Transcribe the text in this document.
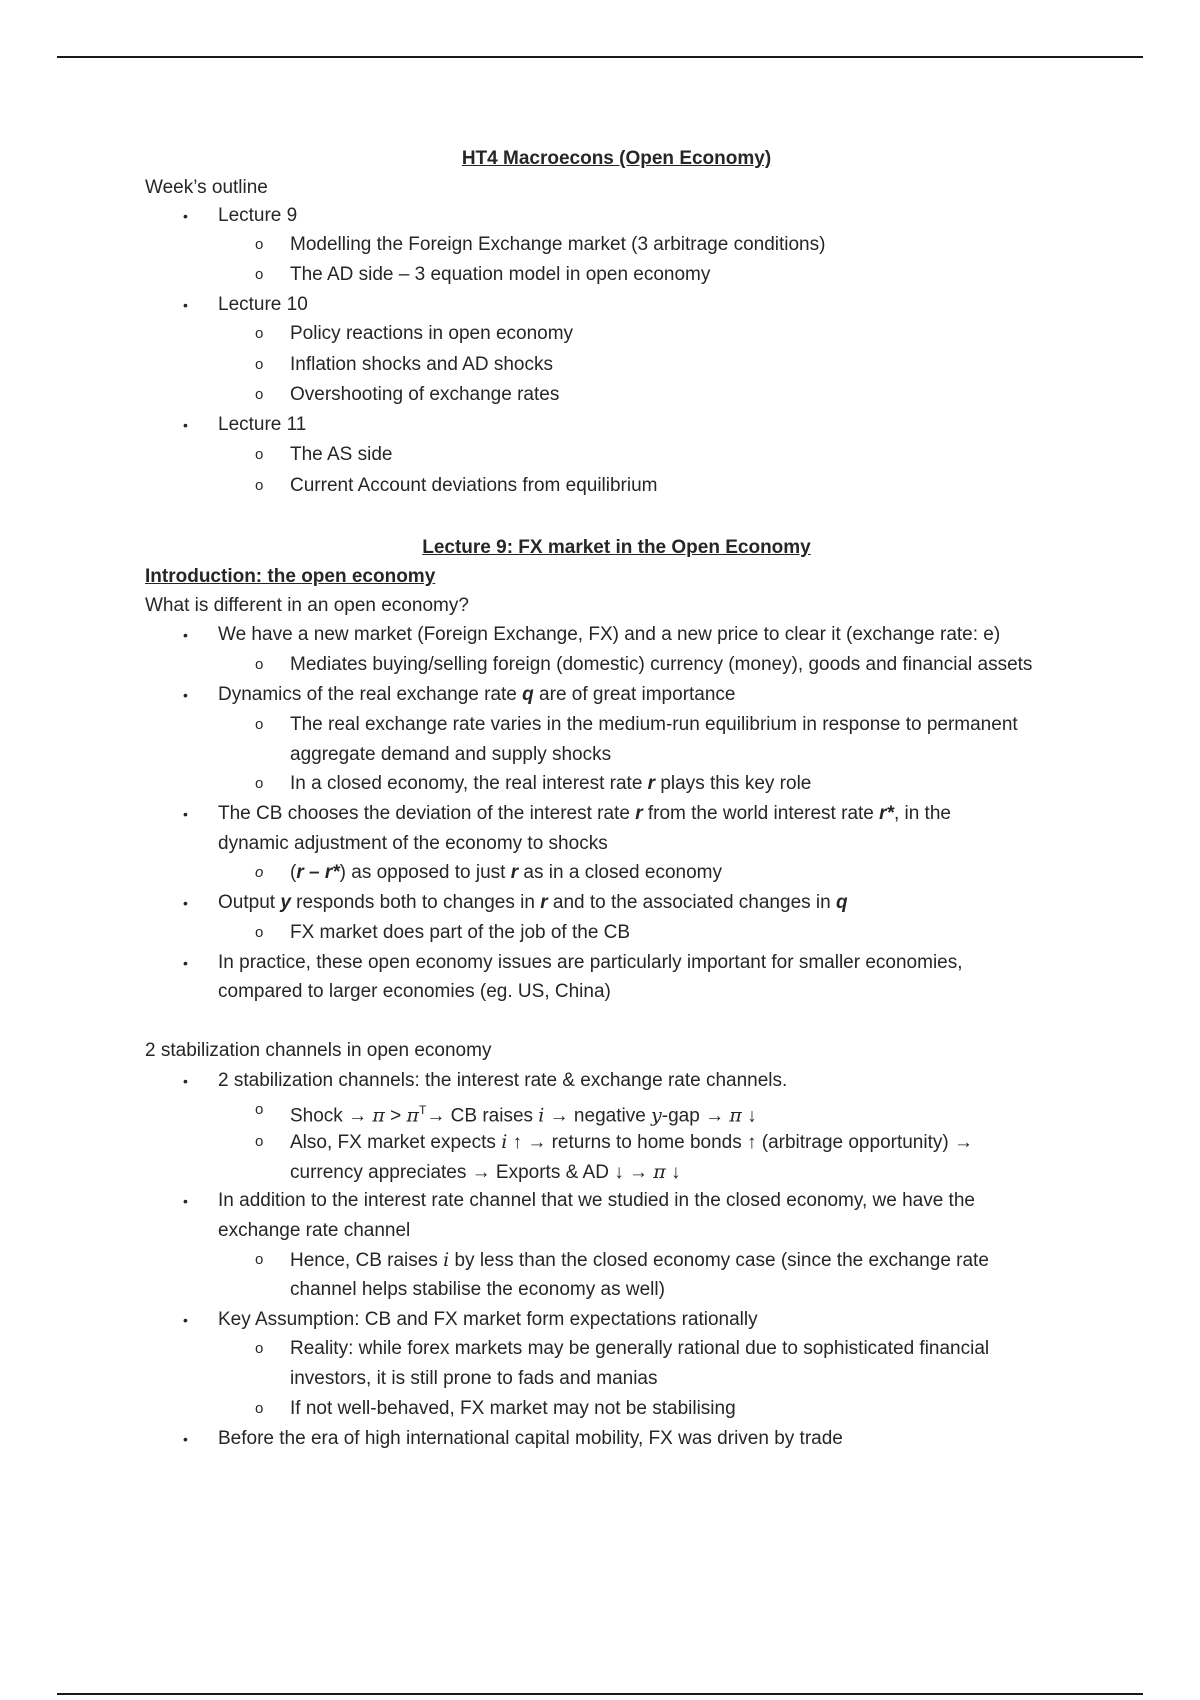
HT4 Macroecons (Open Economy)
Week’s outline
• Lecture 9
o Modelling the Foreign Exchange market (3 arbitrage conditions)
o The AD side – 3 equation model in open economy
• Lecture 10
o Policy reactions in open economy
o Inflation shocks and AD shocks
o Overshooting of exchange rates
• Lecture 11
o The AS side
o Current Account deviations from equilibrium
Lecture 9: FX market in the Open Economy
Introduction: the open economy
What is different in an open economy?
• We have a new market (Foreign Exchange, FX) and a new price to clear it (exchange rate: e)
o Mediates buying/selling foreign (domestic) currency (money), goods and financial assets
• Dynamics of the real exchange rate q are of great importance
o The real exchange rate varies in the medium-run equilibrium in response to permanent
aggregate demand and supply shocks
o In a closed economy, the real interest rate r plays this key role
• The CB chooses the deviation of the interest rate r from the world interest rate r*, in the
dynamic adjustment of the economy to shocks
o (r – r*) as opposed to just r as in a closed economy
• Output y responds both to changes in r and to the associated changes in q
o FX market does part of the job of the CB
• In practice, these open economy issues are particularly important for smaller economies,
compared to larger economies (eg. US, China)
2 stabilization channels in open economy
• 2 stabilization channels: the interest rate & exchange rate channels.
o Shock → $\pi > \pi^T\to$ CB raises i → negative y-gap → π ↓
o Also, FX market expects i ↑ → returns to home bonds ↑ (arbitrage opportunity) →
currency appreciates → Exports & AD ↓ → π ↓
• In addition to the interest rate channel that we studied in the closed economy, we have the
exchange rate channel
o Hence, CB raises i by less than the closed economy case (since the exchange rate
channel helps stabilise the economy as well)
• Key Assumption: CB and FX market form expectations rationally
o Reality: while forex markets may be generally rational due to sophisticated financial
investors, it is still prone to fads and manias
o If not well-behaved, FX market may not be stabilising
• Before the era of high international capital mobility, FX was driven by trade
